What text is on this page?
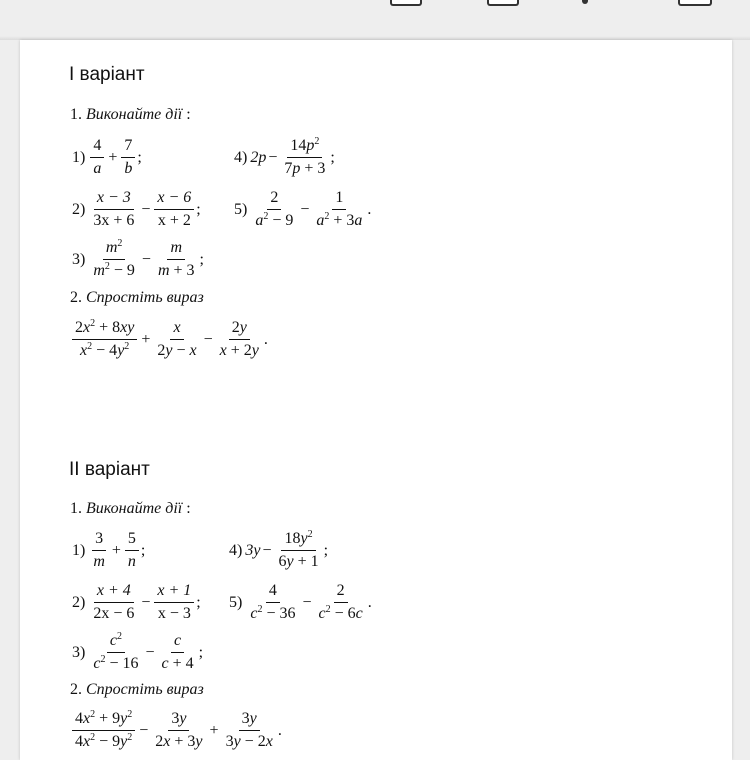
I варіант
1. Виконайте дії :
$1) \frac{4}{a} + \frac{7}{b}$ ;	4) $2p - \frac{14p^2}{7p + 3}$ ;
$2) \frac{x - 3}{3x + 6} - \frac{x - 6}{x + 2}$ ; $5) \frac{2}{a^2 - 9} - \frac{1}{a^2 + 3a}$ .
$3) \frac{m^2}{m^2 - 9} - \frac{m}{m + 3}$ ;
2. Спростіть вираз
$\frac{2x^2 + 8xy}{x^2 - 4y^2} + \frac{x}{2y - x} - \frac{2y}{x + 2y}$ .
II варіант
1. Виконайте дії :
$1) \frac{3}{m} + \frac{5}{n}$ ;	4) $3y - \frac{18y^2}{6y + 1}$ ;
$2) \frac{x + 4}{2x - 6} - \frac{x + 1}{x - 3}$ ; $5) \frac{4}{c^2 - 36} - \frac{2}{c^2 - 6c}$ .
$3) \frac{c^2}{c^2 - 16} - \frac{c}{c + 4}$ ;
2. Спростіть вираз
$\frac{4x^2 + 9y^2}{4x^2 - 9y^2} - \frac{3y}{2x + 3y} + \frac{3y}{3y - 2x}$ .
